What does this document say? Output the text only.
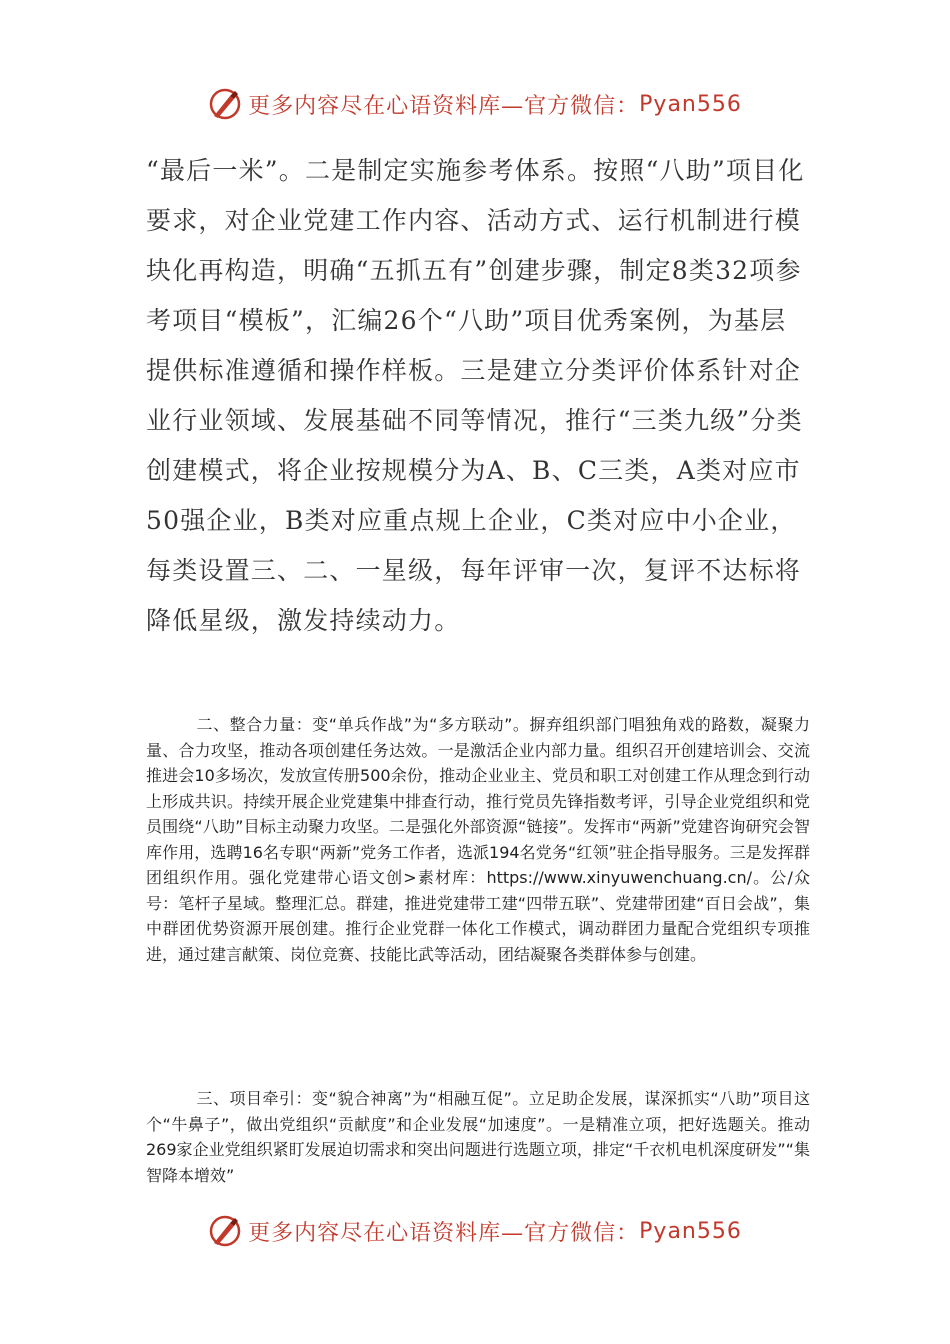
更多内容尽在心语资料库—官方微信： Pyan556

“最后一米”。二是制定实施参考体系。按照“八助”项目化要求，对企业党建工作内容、活动方式、运行机制进行模块化再构造，明确“五抓五有”创建步骤，制定8类32项参考项目“模板”，汇编26个“八助”项目优秀案例，为基层提供标准遵循和操作样板。三是建立分类评价体系针对企业行业领域、发展基础不同等情况，推行“三类九级”分类创建模式，将企业按规模分为A、B、C三类，A类对应市50强企业，B类对应重点规上企业，C类对应中小企业，每类设置三、二、一星级，每年评审一次，复评不达标将降低星级，激发持续动力。

二、整合力量：变“单兵作战”为“多方联动”。摒弃组织部门唱独角戏的路数，凝聚力量、合力攻坚，推动各项创建任务达效。一是激活企业内部力量。组织召开创建培训会、交流推进会10多场次，发放宣传册500余份，推动企业业主、党员和职工对创建工作从理念到行动上形成共识。持续开展企业党建集中排查行动，推行党员先锋指数考评，引导企业党组织和党员围绕“八助”目标主动聚力攻坚。二是强化外部资源“链接”。发挥市“两新”党建咨询研究会智库作用，选聘16名专职“两新”党务工作者，选派194名党务“红领”驻企指导服务。三是发挥群团组织作用。强化党建带心语文创>素材库：https://www.xinyuwenchuang.cn/。公/众号：笔杆子星域。整理汇总。群建，推进党建带工建“四带五联”、党建带团建“百日会战”，集中群团优势资源开展创建。推行企业党群一体化工作模式，调动群团力量配合党组织专项推进，通过建言献策、岗位竞赛、技能比武等活动，团结凝聚各类群体参与创建。

三、项目牵引：变“貌合神离”为“相融互促”。立足助企发展，谋深抓实“八助”项目这个“牛鼻子”，做出党组织“贡献度”和企业发展“加速度”。一是精准立项，把好选题关。推动269家企业党组织紧盯发展迫切需求和突出问题进行选题立项，排定“千衣机电机深度研发”“集智降本增效”

更多内容尽在心语资料库—官方微信： Pyan556
